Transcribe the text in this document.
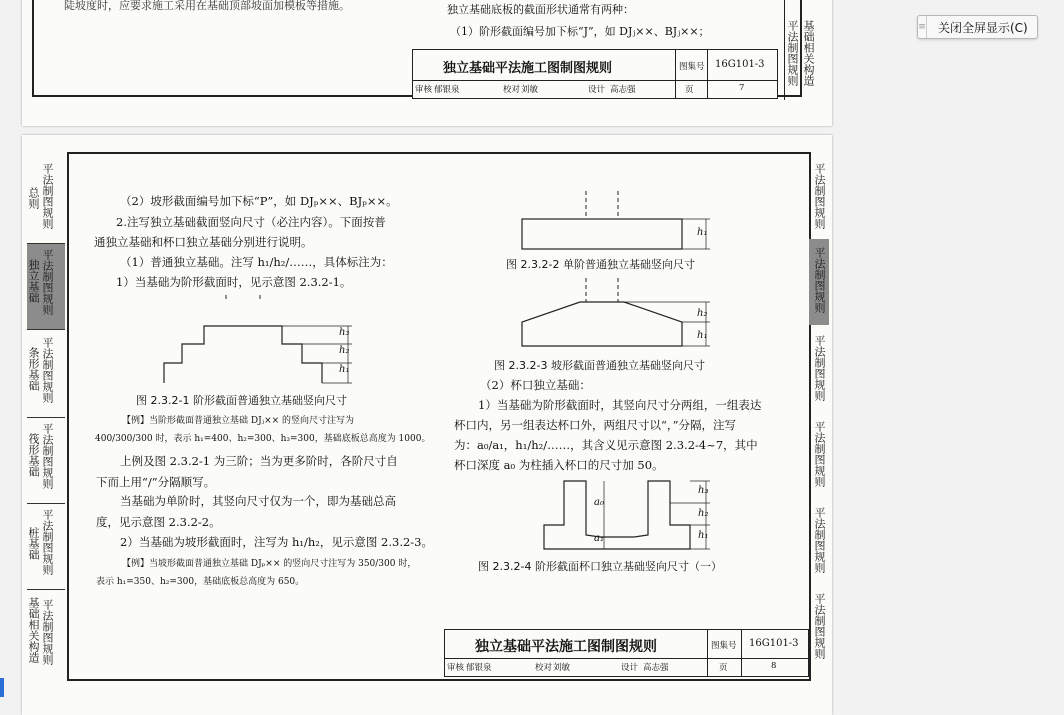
≡ 关闭全屏显示(C)
陡坡度时，应要求施工采用在基础顶部坡面加模板等措施。	独立基础底板的截面形状通常有两种：
（1）阶形截面编号加下标“J”，如 DJⱼ××、BJⱼ××；
独立基础平法施工图制图规则	图集号 16G101-3
审核 郁银泉	校对 刘敏	设计 高志强	页	7
平法制图规则 基础相关构造
总则 平法制图规则
独立基础 平法制图规则
条形基础 平法制图规则
筏形基础 平法制图规则
桩基础 平法制图规则
基础相关构造 平法制图规则
平法制图规则
平法制图规则
平法制图规则
平法制图规则
平法制图规则
平法制图规则
（2）坡形截面编号加下标“P”，如 DJₚ××、BJₚ××。
2.注写独立基础截面竖向尺寸（必注内容）。下面按普
通独立基础和杯口独立基础分别进行说明。
（1）普通独立基础。注写 h₁/h₂/……，具体标注为：
1）当基础为阶形截面时，见示意图 2.3.2-1。
h₃
h₂
h₁
图 2.3.2-1 阶形截面普通独立基础竖向尺寸
【例】当阶形截面普通独立基础 DJⱼ×× 的竖向尺寸注写为
400/300/300 时，表示 h₁=400、h₂=300、h₃=300，基础底板总高度为 1000。
上例及图 2.3.2-1 为三阶；当为更多阶时，各阶尺寸自
下而上用“/”分隔顺写。
当基础为单阶时，其竖向尺寸仅为一个，即为基础总高
度，见示意图 2.3.2-2。
2）当基础为坡形截面时，注写为 h₁/h₂，见示意图 2.3.2-3。
【例】当坡形截面普通独立基础 DJₚ×× 的竖向尺寸注写为 350/300 时，
表示 h₁=350、h₂=300，基础底板总高度为 650。
h₁
图 2.3.2-2 单阶普通独立基础竖向尺寸
h₂
h₁
图 2.3.2-3 坡形截面普通独立基础竖向尺寸
（2）杯口独立基础：
1）当基础为阶形截面时，其竖向尺寸分两组，一组表达
杯口内，另一组表达杯口外，两组尺寸以“，”分隔，注写
为：a₀/a₁，h₁/h₂/……，其含义见示意图 2.3.2-4~7，其中
杯口深度 a₀ 为柱插入杯口的尺寸加 50。
h₃
h₂
h₁
a₀
a₁
图 2.3.2-4 阶形截面杯口独立基础竖向尺寸（一）
独立基础平法施工图制图规则	图集号 16G101-3
审核 郁银泉	校对 刘敏	设计 高志强	页	8
